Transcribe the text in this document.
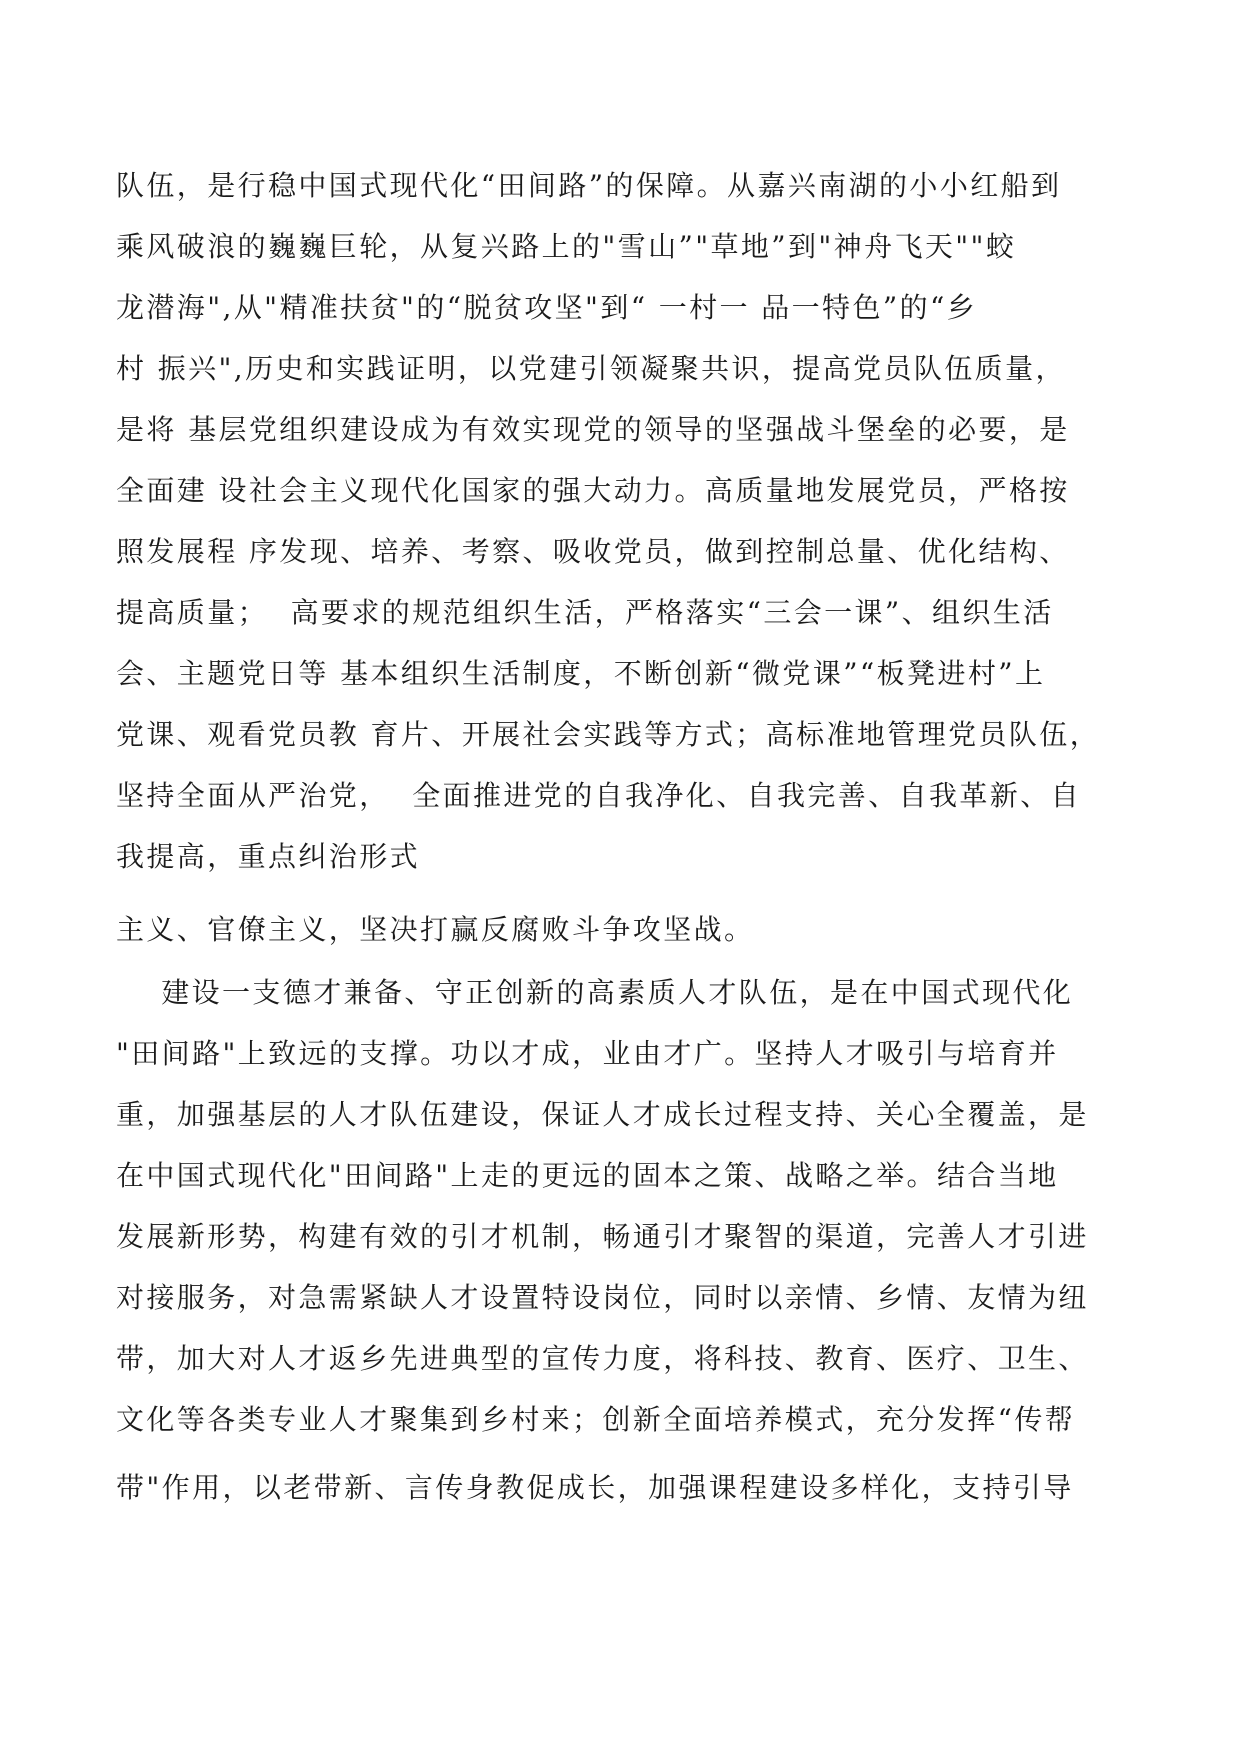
队伍，是行稳中国式现代化“田间路”的保障。从嘉兴南湖的小小红船到
乘风破浪的巍巍巨轮，从复兴路上的"雪山”"草地”到"神舟飞天""蛟
龙潜海",从"精准扶贫"的“脱贫攻坚"到“ 一村一 品一特色”的“乡
村 振兴",历史和实践证明，以党建引领凝聚共识，提高党员队伍质量，
是将 基层党组织建设成为有效实现党的领导的坚强战斗堡垒的必要，是
全面建 设社会主义现代化国家的强大动力。高质量地发展党员，严格按
照发展程 序发现、培养、考察、吸收党员，做到控制总量、优化结构、
提高质量；  高要求的规范组织生活，严格落实“三会一课”、组织生活
会、主题党日等 基本组织生活制度，不断创新“微党课”“板凳进村”上
党课、观看党员教 育片、开展社会实践等方式；高标准地管理党员队伍，
坚持全面从严治党，  全面推进党的自我净化、自我完善、自我革新、自
我提高，重点纠治形式
主义、官僚主义，坚决打赢反腐败斗争攻坚战。
建设一支德才兼备、守正创新的高素质人才队伍，是在中国式现代化
"田间路"上致远的支撑。功以才成，业由才广。坚持人才吸引与培育并
重，加强基层的人才队伍建设，保证人才成长过程支持、关心全覆盖，是
在中国式现代化"田间路"上走的更远的固本之策、战略之举。结合当地
发展新形势，构建有效的引才机制，畅通引才聚智的渠道，完善人才引进
对接服务，对急需紧缺人才设置特设岗位，同时以亲情、乡情、友情为纽
带，加大对人才返乡先进典型的宣传力度，将科技、教育、医疗、卫生、
文化等各类专业人才聚集到乡村来；创新全面培养模式，充分发挥“传帮
带"作用，以老带新、言传身教促成长，加强课程建设多样化，支持引导
